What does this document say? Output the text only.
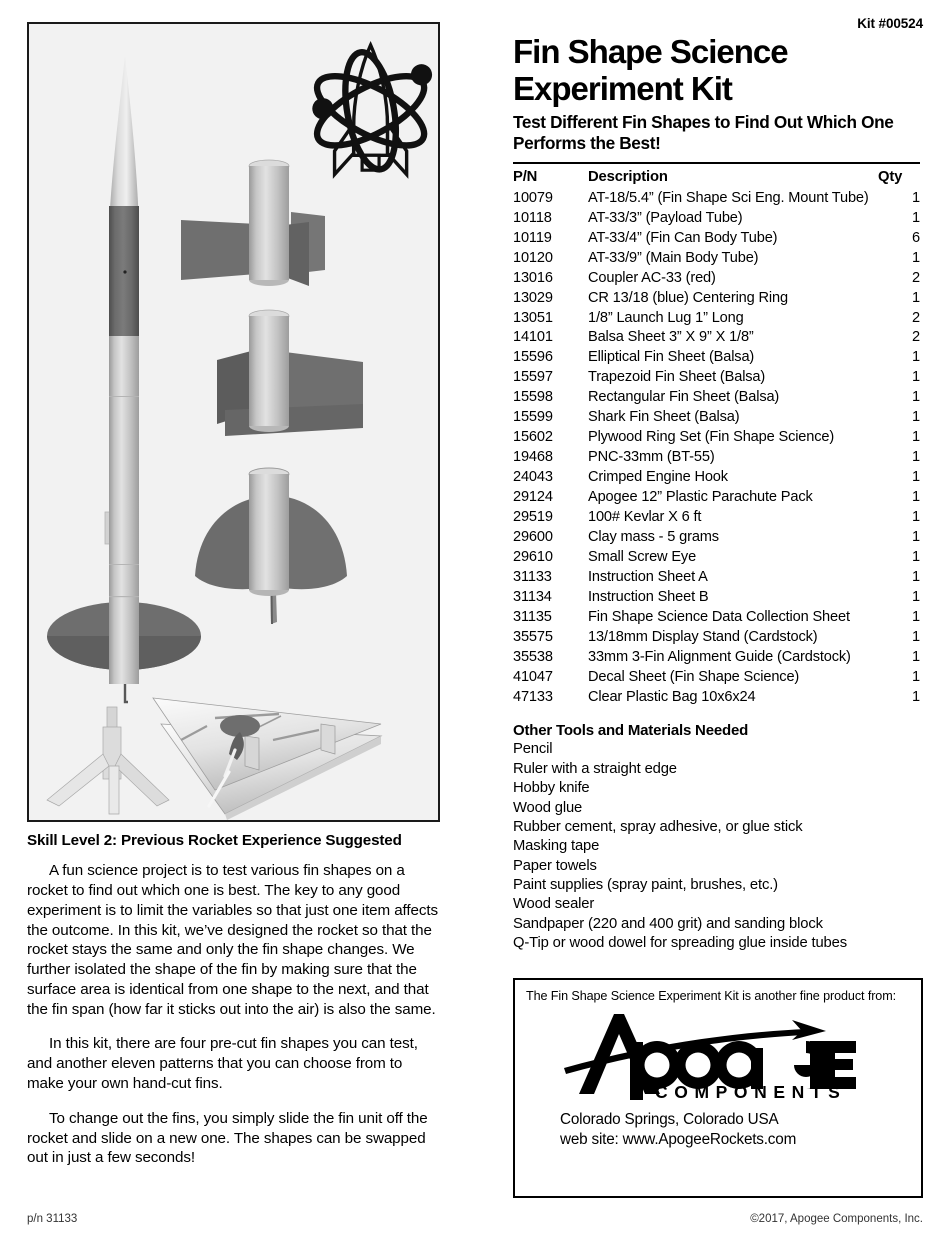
Skill Level 2: Previous Rocket Experience Suggested

A fun science project is to test various fin shapes on a rocket to find out which one is best. The key to any good experiment is to limit the variables so that just one item affects the outcome. In this kit, we’ve designed the rocket so that the rocket stays the same and only the fin shape changes. We further isolated the shape of the fin by making sure that the surface area is identical from one shape to the next, and that the fin span (how far it sticks out into the air) is also the same.

In this kit, there are four pre-cut fin shapes you can test, and another eleven patterns that you can choose from to make your own hand-cut fins.

To change out the fins, you simply slide the fin unit off the rocket and slide on a new one. The shapes can be swapped out in just a few seconds!

Kit #00524
Fin Shape Science Experiment Kit
Test Different Fin Shapes to Find Out Which One Performs the Best!
P/N	Description	Qty
10079	AT-18/5.4” (Fin Shape Sci Eng. Mount Tube)	1
10118	AT-33/3” (Payload Tube)	1
10119	AT-33/4” (Fin Can Body Tube)	6
10120	AT-33/9” (Main Body Tube)	1
13016	Coupler AC-33 (red)	2
13029	CR 13/18 (blue) Centering Ring	1
13051	1/8” Launch Lug 1” Long	2
14101	Balsa Sheet 3” X 9” X 1/8”	2
15596	Elliptical Fin Sheet (Balsa)	1
15597	Trapezoid Fin Sheet (Balsa)	1
15598	Rectangular Fin Sheet (Balsa)	1
15599	Shark Fin Sheet (Balsa)	1
15602	Plywood Ring Set (Fin Shape Science)	1
19468	PNC-33mm (BT-55)	1
24043	Crimped Engine Hook	1
29124	Apogee 12” Plastic Parachute Pack	1
29519	100# Kevlar X 6 ft	1
29600	Clay mass - 5 grams	1
29610	Small Screw Eye	1
31133	Instruction Sheet A	1
31134	Instruction Sheet B	1
31135	Fin Shape Science Data Collection Sheet	1
35575	13/18mm Display Stand (Cardstock)	1
35538	33mm 3-Fin Alignment Guide (Cardstock)	1
41047	Decal Sheet (Fin Shape Science)	1
47133	Clear Plastic Bag 10x6x24	1
Other Tools and Materials Needed
Pencil
Ruler with a straight edge
Hobby knife
Wood glue
Rubber cement, spray adhesive, or glue stick
Masking tape
Paper towels
Paint supplies (spray paint, brushes, etc.)
Wood sealer
Sandpaper (220 and 400 grit) and sanding block
Q-Tip or wood dowel for spreading glue inside tubes
The Fin Shape Science Experiment Kit is another fine product from:
COMPONENTS
Colorado Springs, Colorado USA
web site: www.ApogeeRockets.com
p/n 31133	©2017, Apogee Components, Inc.
